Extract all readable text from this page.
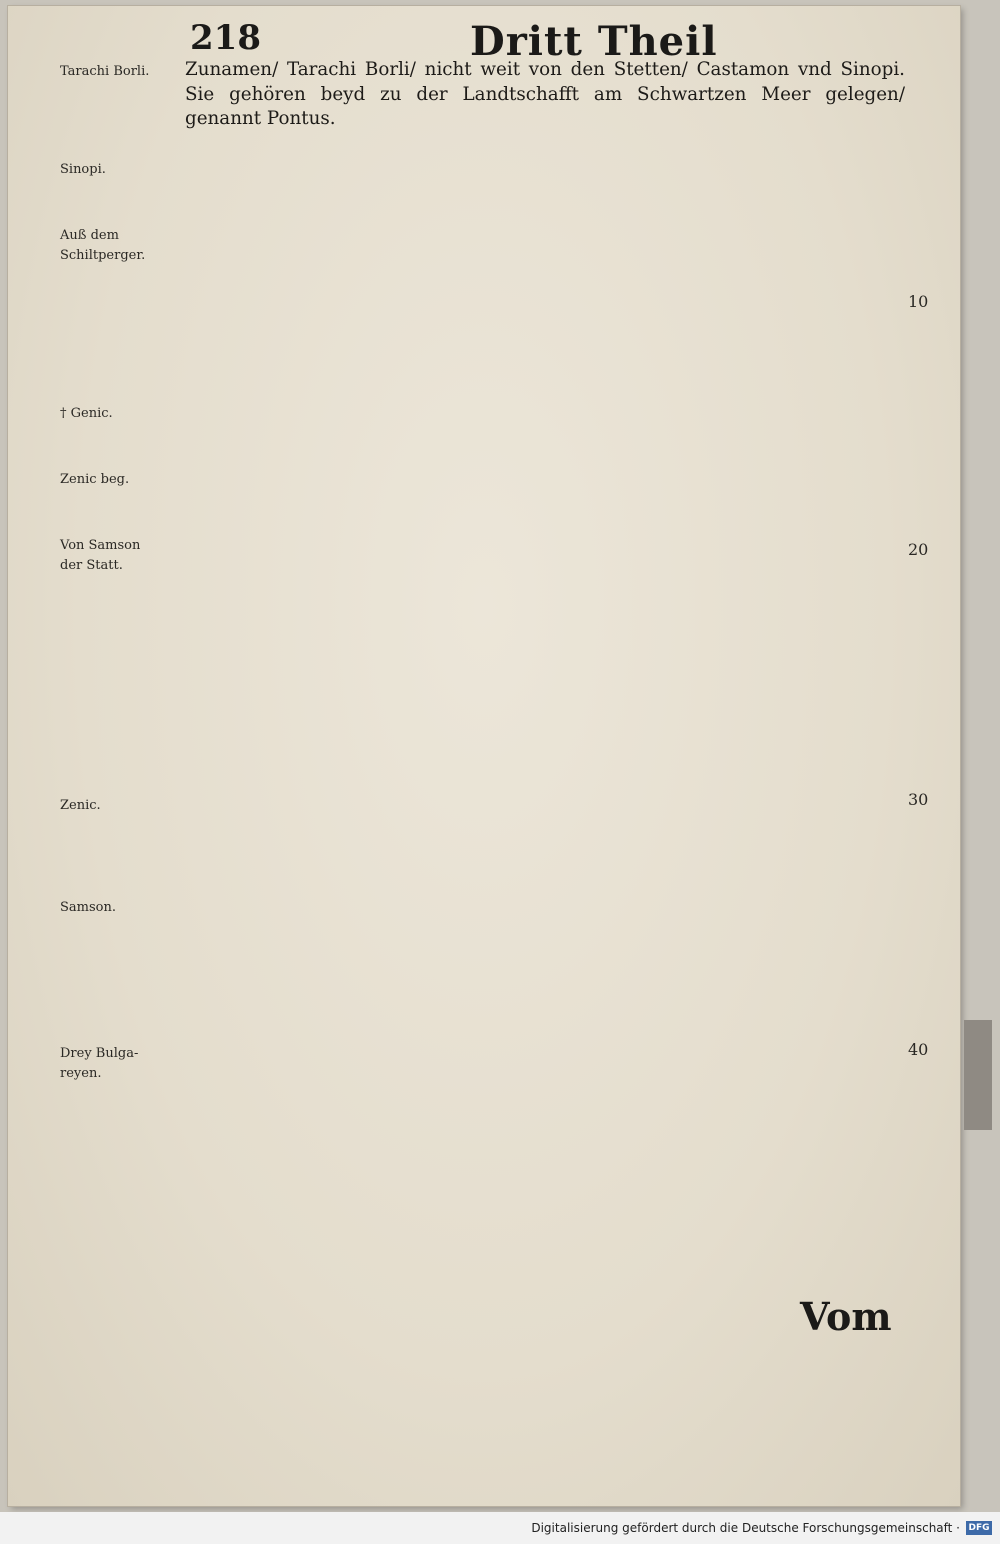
218	Dritt Theil
Tarachi Borli.
Sinopi.
Auß dem
Schiltperger.
† Genic.
Zenic beg.
Von Samson
der Statt.
Zenic.
Samson.
Drey Bulga-
reyen.
10
20
30
40

Zunamen/ Tarachi Borli/ nicht weit von den Stetten/ Castamon vnd Sinopi. Sie gehören beyd zu der Landtschafft am Schwartzen Meer gelegen/ genannt Pontus.

Vom
Digitalisierung gefördert durch die Deutsche Forschungsgemeinschaft · DFG
